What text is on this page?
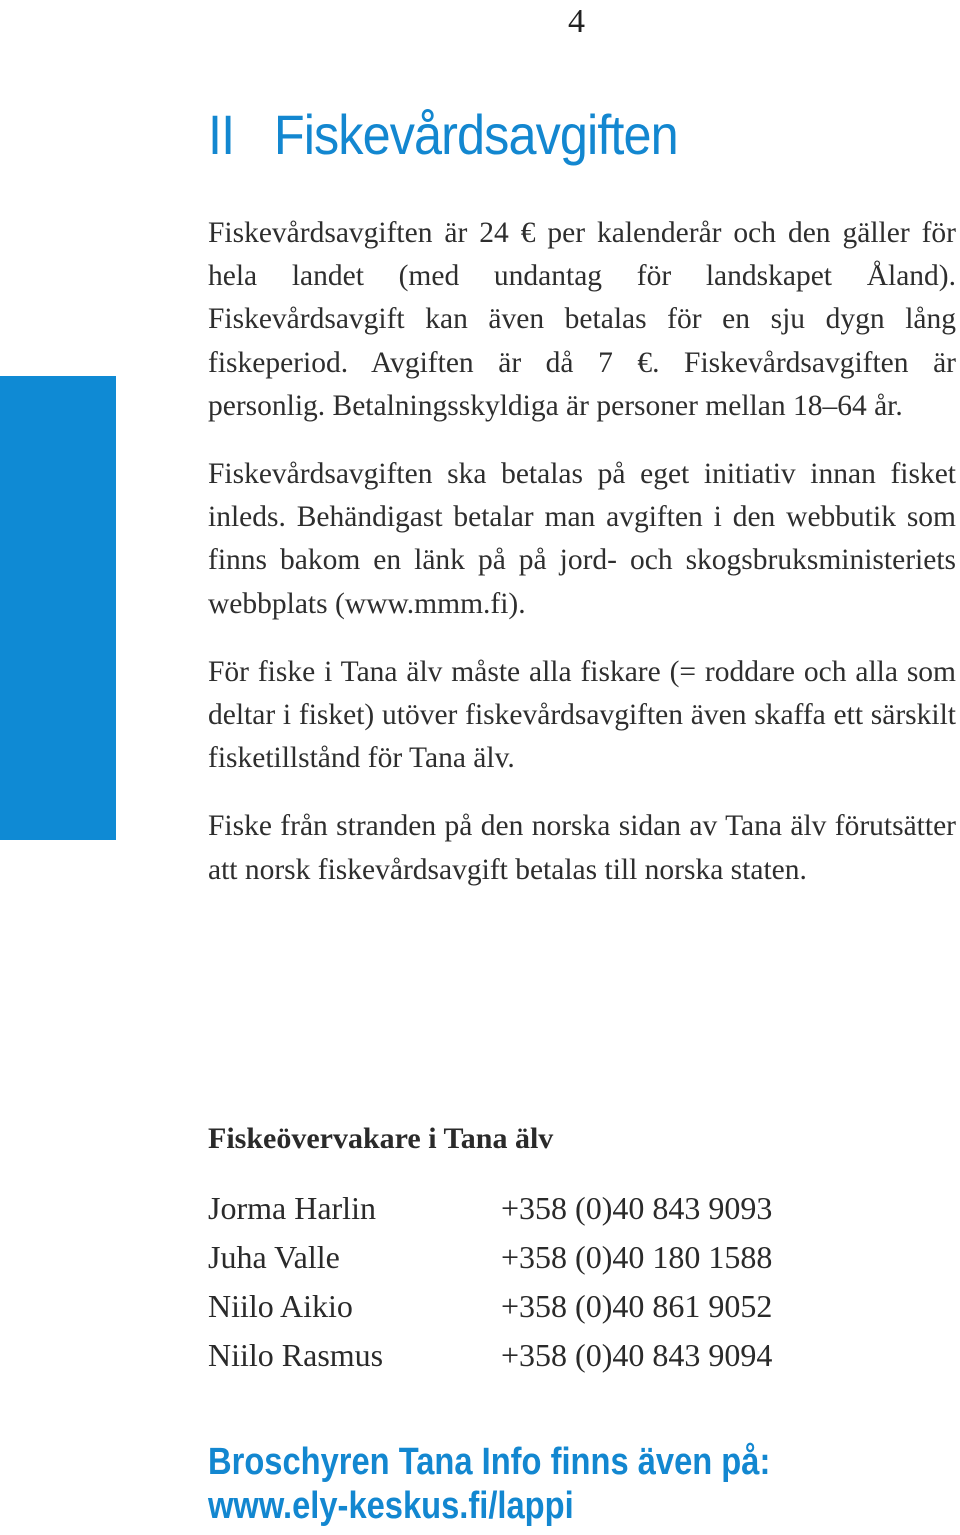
4
II Fiskevårdsavgiften

Fiskevårdsavgiften är 24 € per kalenderår och den gäller för hela landet (med undantag för landskapet Åland). Fiskevårdsavgift kan även betalas för en sju dygn lång fiskeperiod. Avgiften är då 7 €. Fiskevårdsavgiften är personlig. Betalningsskyldiga är personer mellan 18–64 år.

Fiskevårdsavgiften ska betalas på eget initiativ innan fisket inleds. Behändigast betalar man avgiften i den webbutik som finns bakom en länk på på jord- och skogsbruksministeriets webbplats (www.mmm.fi).

För fiske i Tana älv måste alla fiskare (= roddare och alla som deltar i fisket) utöver fiskevårdsavgiften även skaffa ett särskilt fisketillstånd för Tana älv.

Fiske från stranden på den norska sidan av Tana älv förutsätter att norsk fiskevårdsavgift betalas till norska staten.

Fiskeövervakare i Tana älv
Jorma Harlin	+358 (0)40 843 9093
Juha Valle	+358 (0)40 180 1588
Niilo Aikio	+358 (0)40 861 9052
Niilo Rasmus	+358 (0)40 843 9094
Broschyren Tana Info finns även på:
www.ely-keskus.fi/lappi
